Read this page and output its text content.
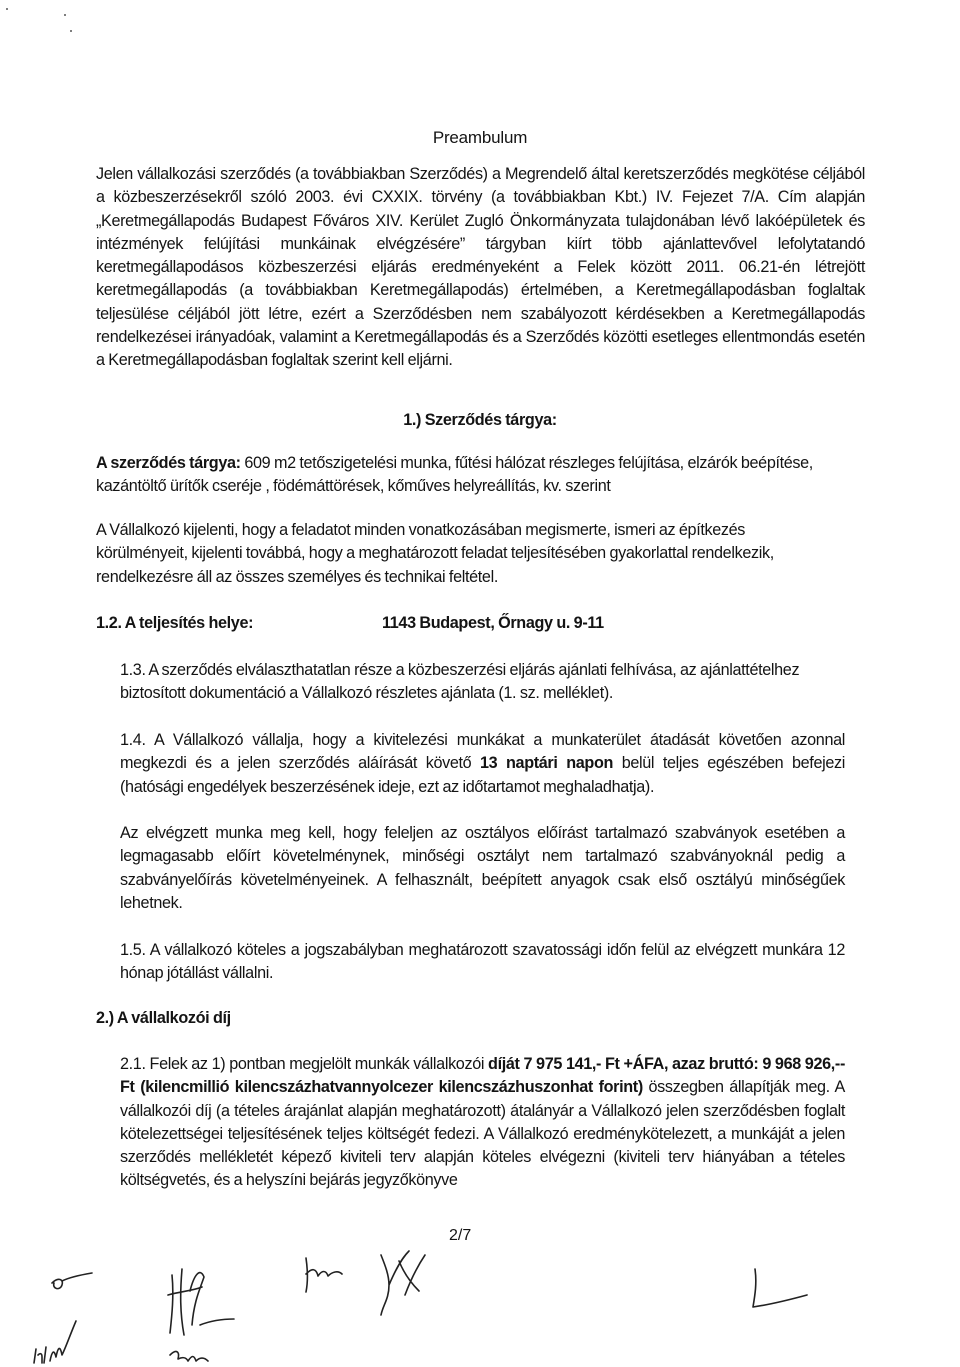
Preambulum
Jelen vállalkozási szerződés (a továbbiakban Szerződés) a Megrendelő által keretszerződés megkötése céljából a közbeszerzésekről szóló 2003. évi CXXIX. törvény (a továbbiakban Kbt.) IV. Fejezet 7/A. Cím alapján „Keretmegállapodás Budapest Főváros XIV. Kerület Zugló Önkormányzata tulajdonában lévő lakóépületek és intézmények felújítási munkáinak elvégzésére” tárgyban kiírt több ajánlattevővel lefolytatandó keretmegállapodásos közbeszerzési eljárás eredményeként a Felek között 2011. 06.21-én létrejött keretmegállapodás (a továbbiakban Keretmegállapodás) értelmében, a Keretmegállapodásban foglaltak teljesülése céljából jött létre, ezért a Szerződésben nem szabályozott kérdésekben a Keretmegállapodás rendelkezései irányadóak, valamint a Keretmegállapodás és a Szerződés közötti esetleges ellentmondás esetén a Keretmegállapodásban foglaltak szerint kell eljárni.
1.) Szerződés tárgya:
A szerződés tárgya: 609 m2 tetőszigetelési munka, fűtési hálózat részleges felújítása, elzárók beépítése, kazántöltő ürítők cseréje , födémáttörések, kőműves helyreállítás, kv. szerint
A Vállalkozó kijelenti, hogy a feladatot minden vonatkozásában megismerte, ismeri az építkezés körülményeit, kijelenti továbbá, hogy a meghatározott feladat teljesítésében gyakorlattal rendelkezik, rendelkezésre áll az összes személyes és technikai feltétel.
1.2. A teljesítés helye:	1143 Budapest, Őrnagy u. 9-11
1.3. A szerződés elválaszthatatlan része a közbeszerzési eljárás ajánlati felhívása, az ajánlattételhez biztosított dokumentáció a Vállalkozó részletes ajánlata (1. sz. melléklet).
1.4. A Vállalkozó vállalja, hogy a kivitelezési munkákat a munkaterület átadását követően azonnal megkezdi és a jelen szerződés aláírását követő 13 naptári napon belül teljes egészében befejezi (hatósági engedélyek beszerzésének ideje, ezt az időtartamot meghaladhatja).
Az elvégzett munka meg kell, hogy feleljen az osztályos előírást tartalmazó szabványok esetében a legmagasabb előírt követelménynek, minőségi osztályt nem tartalmazó szabványoknál pedig a szabványelőírás követelményeinek. A felhasznált, beépített anyagok csak első osztályú minőségűek lehetnek.
1.5. A vállalkozó köteles a jogszabályban meghatározott szavatossági időn felül az elvégzett munkára 12 hónap jótállást vállalni.
2.) A vállalkozói díj
2.1. Felek az 1) pontban megjelölt munkák vállalkozói díját 7 975 141,- Ft +ÁFA, azaz bruttó: 9 968 926,--Ft (kilencmillió kilencszázhatvannyolcezer kilencszázhuszonhat forint) összegben állapítják meg. A vállalkozói díj (a tételes árajánlat alapján meghatározott) átalányár a Vállalkozó jelen szerződésben foglalt kötelezettségei teljesítésének teljes költségét fedezi. A Vállalkozó eredménykötelezett, a munkáját a jelen szerződés mellékletét képező kiviteli terv alapján köteles elvégezni (kiviteli terv hiányában a tételes költségvetés, és a helyszíni bejárás jegyzőkönyve
2/7
